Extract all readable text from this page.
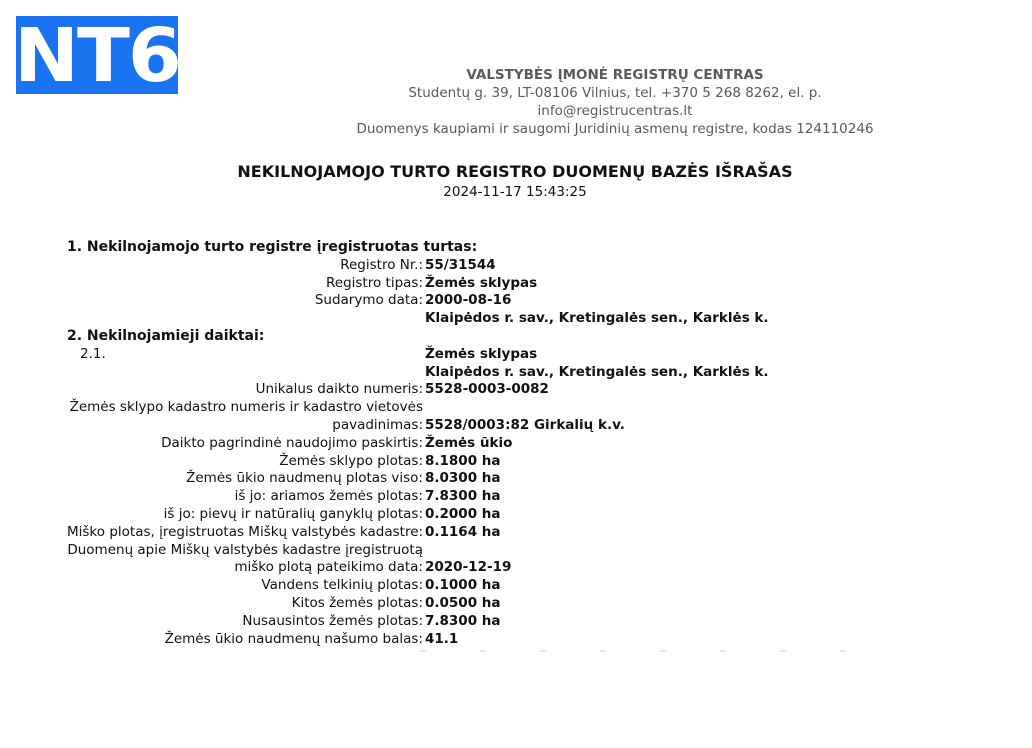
NT6	VALSTYBĖS ĮMONĖ REGISTRŲ CENTRAS
Studentų g. 39, LT-08106 Vilnius, tel. +370 5 268 8262, el. p. info@registrucentras.lt
Duomenys kaupiami ir saugomi Juridinių asmenų registre, kodas 124110246
NEKILNOJAMOJO TURTO REGISTRO DUOMENŲ BAZĖS IŠRAŠAS
2024-11-17 15:43:25
1. Nekilnojamojo turto registre įregistruotas turtas:
Registro Nr.: 55/31544
Registro tipas: Žemės sklypas
Sudarymo data: 2000-08-16

Klaipėdos r. sav., Kretingalės sen., Karklės k.
2. Nekilnojamieji daiktai:
2.1.	Žemės sklypas

Klaipėdos r. sav., Kretingalės sen., Karklės k.
Unikalus daikto numeris: 5528-0003-0082
Žemės sklypo kadastro numeris ir kadastro vietovės

pavadinimas: 5528/0003:82 Girkalių k.v.
Daikto pagrindinė naudojimo paskirtis: Žemės ūkio
Žemės sklypo plotas: 8.1800 ha
Žemės ūkio naudmenų plotas viso: 8.0300 ha
iš jo: ariamos žemės plotas: 7.8300 ha
iš jo: pievų ir natūralių ganyklų plotas: 0.2000 ha
Miško plotas, įregistruotas Miškų valstybės kadastre: 0.1164 ha
Duomenų apie Miškų valstybės kadastre įregistruotą

miško plotą pateikimo data: 2020-12-19
Vandens telkinių plotas: 0.1000 ha
Kitos žemės plotas: 0.0500 ha
Nusausintos žemės plotas: 7.8300 ha
Žemės ūkio naudmenų našumo balas: 41.1
